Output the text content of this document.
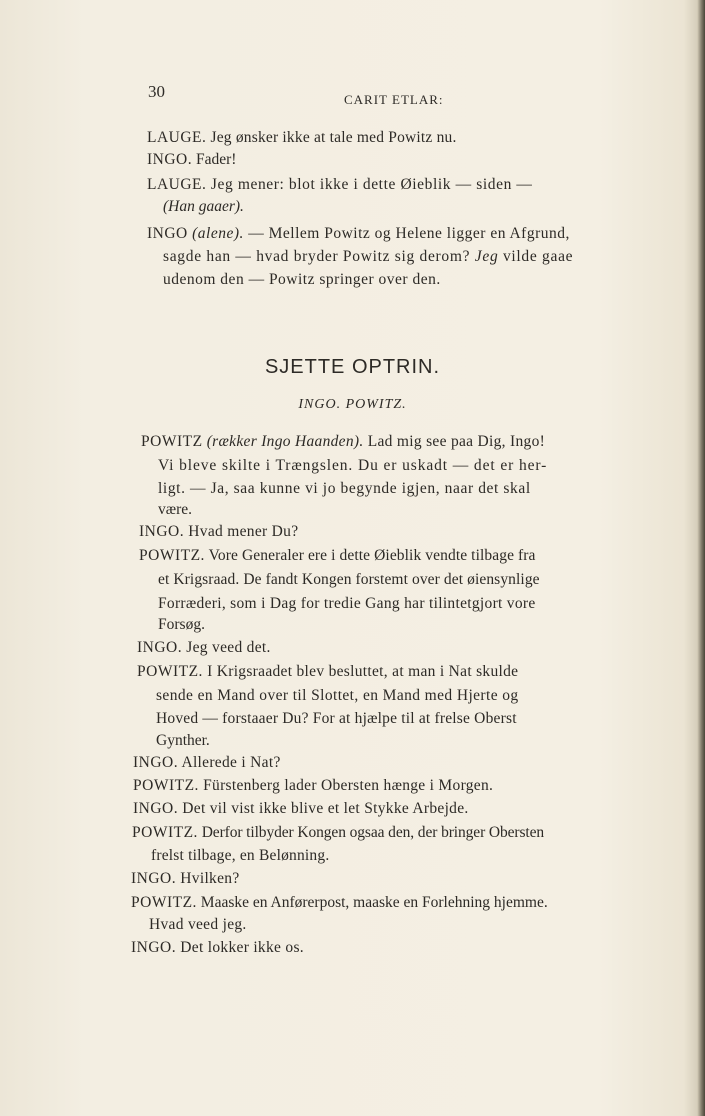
30	CARIT ETLAR:
LAUGE. Jeg ønsker ikke at tale med Powitz nu.
INGO. Fader!
LAUGE. Jeg mener: blot ikke i dette Øieblik — siden —
(Han gaaer).
INGO (alene). — Mellem Powitz og Helene ligger en Afgrund,
sagde han — hvad bryder Powitz sig derom? Jeg vilde gaae
udenom den — Powitz springer over den.
SJETTE OPTRIN.
INGO. POWITZ.
POWITZ (rækker Ingo Haanden). Lad mig see paa Dig, Ingo!
Vi bleve skilte i Trængslen. Du er uskadt — det er her-
ligt. — Ja, saa kunne vi jo begynde igjen, naar det skal
være.
INGO. Hvad mener Du?
POWITZ. Vore Generaler ere i dette Øieblik vendte tilbage fra
et Krigsraad. De fandt Kongen forstemt over det øiensynlige
Forræderi, som i Dag for tredie Gang har tilintetgjort vore
Forsøg.
INGO. Jeg veed det.
POWITZ. I Krigsraadet blev besluttet, at man i Nat skulde
sende en Mand over til Slottet, en Mand med Hjerte og
Hoved — forstaaer Du? For at hjælpe til at frelse Oberst
Gynther.
INGO. Allerede i Nat?
POWITZ. Fürstenberg lader Obersten hænge i Morgen.
INGO. Det vil vist ikke blive et let Stykke Arbejde.
POWITZ. Derfor tilbyder Kongen ogsaa den, der bringer Obersten
frelst tilbage, en Belønning.
INGO. Hvilken?
POWITZ. Maaske en Anførerpost, maaske en Forlehning hjemme.
Hvad veed jeg.
INGO. Det lokker ikke os.
